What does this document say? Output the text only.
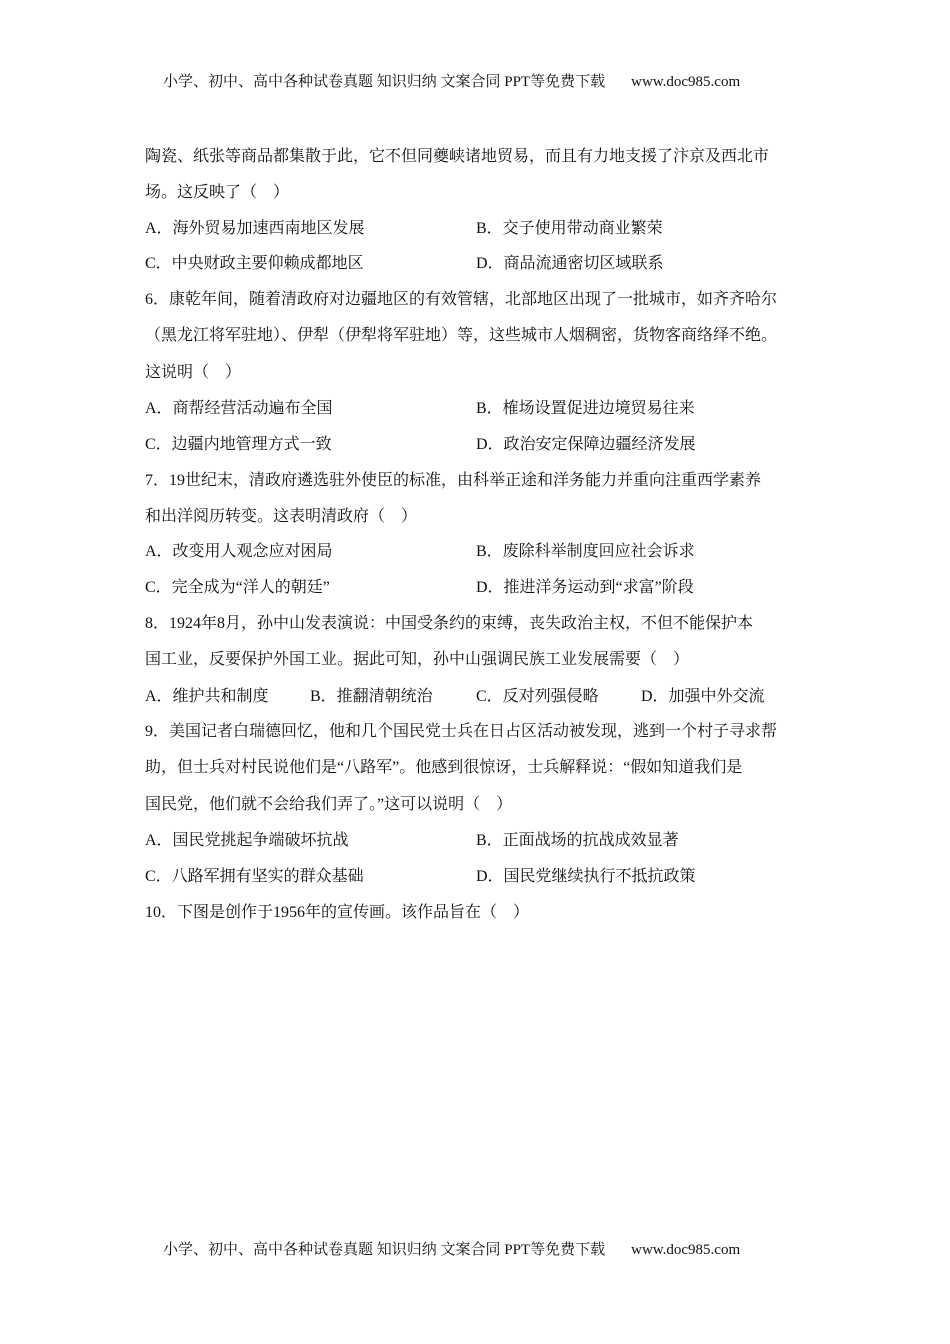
小学、初中、高中各种试卷真题 知识归纳 文案合同 PPT等免费下载 www.doc985.com
陶瓷、纸张等商品都集散于此，它不但同夔峡诸地贸易，而且有力地支援了汴京及西北市
场。这反映了（　）
A．海外贸易加速西南地区发展	B．交子使用带动商业繁荣
C．中央财政主要仰赖成都地区	D．商品流通密切区域联系
6．康乾年间，随着清政府对边疆地区的有效管辖，北部地区出现了一批城市，如齐齐哈尔
（黑龙江将军驻地）、伊犁（伊犁将军驻地）等，这些城市人烟稠密，货物客商络绎不绝。
这说明（　）
A．商帮经营活动遍布全国	B．榷场设置促进边境贸易往来
C．边疆内地管理方式一致	D．政治安定保障边疆经济发展
7．19世纪末，清政府遴选驻外使臣的标准，由科举正途和洋务能力并重向注重西学素养
和出洋阅历转变。这表明清政府（　）
A．改变用人观念应对困局	B．废除科举制度回应社会诉求
C．完全成为“洋人的朝廷”	D．推进洋务运动到“求富”阶段
8．1924年8月，孙中山发表演说：中国受条约的束缚，丧失政治主权，不但不能保护本
国工业，反要保护外国工业。据此可知，孙中山强调民族工业发展需要（　）
A．维护共和制度	B．推翻清朝统治	C．反对列强侵略	D．加强中外交流
9．美国记者白瑞德回忆，他和几个国民党士兵在日占区活动被发现，逃到一个村子寻求帮
助，但士兵对村民说他们是“八路军”。他感到很惊讶，士兵解释说：“假如知道我们是
国民党，他们就不会给我们弄了。”这可以说明（　）
A．国民党挑起争端破坏抗战	B．正面战场的抗战成效显著
C．八路军拥有坚实的群众基础	D．国民党继续执行不抵抗政策
10．下图是创作于1956年的宣传画。该作品旨在（　）
小学、初中、高中各种试卷真题 知识归纳 文案合同 PPT等免费下载 www.doc985.com
